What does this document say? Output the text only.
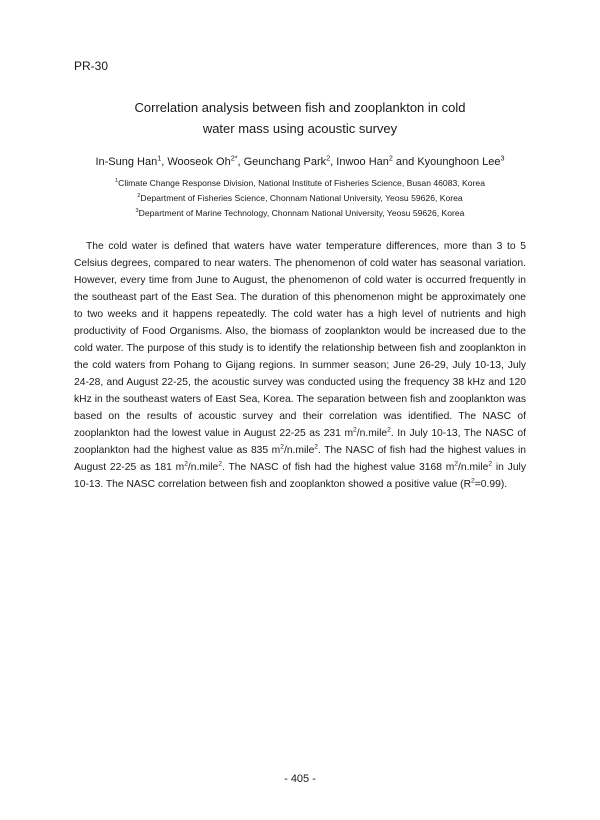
PR-30
Correlation analysis between fish and zooplankton in cold
water mass using acoustic survey
In-Sung Han$^1$, Wooseok $Oh^{2*}$, Geunchang Park$^2$, Inwoo Han$^2$ and Kyounghoon Lee$^3$
$^1$Climate Change Response Division, National Institute of Fisheries Science, Busan 46083, Korea
$^2$Department of Fisheries Science, Chonnam National University, Yeosu 59626, Korea
$^3$Department of Marine Technology, Chonnam National University, Yeosu 59626, Korea

The cold water is defined that waters have water temperature differences, more than 3 to 5 Celsius degrees, compared to near waters. The phenomenon of cold water has seasonal variation. However, every time from June to August, the phenomenon of cold water is occurred frequently in the southeast part of the East Sea. The duration of this phenomenon might be approximately one to two weeks and it happens repeatedly. The cold water has a high level of nutrients and high productivity of Food Organisms. Also, the biomass of zooplankton would be increased due to the cold water. The purpose of this study is to identify the relationship between fish and zooplankton in the cold waters from Pohang to Gijang regions. In summer season; June 26-29, July 10-13, July 24-28, and August 22-25, the acoustic survey was conducted using the frequency 38 kHz and 120 kHz in the southeast waters of East Sea, Korea. The separation between fish and zooplankton was based on the results of acoustic survey and their correlation was identified. The NASC of zooplankton had the lowest value in August 22-25 as 231 $m^2/n.mile^2$. In July 10-13, The NASC of zooplankton had the highest value as 835 $m^2/n.mile^2$. The NASC of fish had the highest values in August 22-25 as 181 $m^2/n.mile^2$. The NASC of fish had the highest value 3168 $m^2/n.mile^2$ in July 10-13. The NASC correlation between fish and zooplankton showed a positive value $(R^2=0.99)$.

- 405 -
